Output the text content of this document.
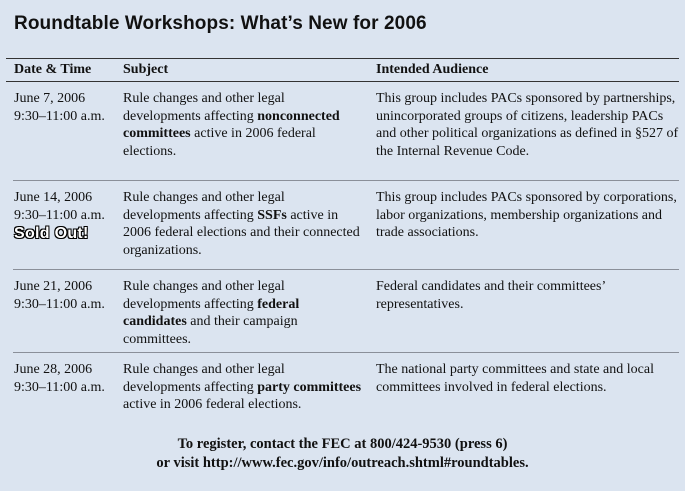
Roundtable Workshops: What’s New for 2006
Date & Time	Subject	Intended Audience
June 7, 2006
9:30–11:00 a.m.
Rule changes and other legal developments affecting nonconnected committees active in 2006 federal elections.
This group includes PACs sponsored by partnerships, unincorporated groups of citizens, leadership PACs and other political organizations as defined in §527 of the Internal Revenue Code.
June 14, 2006
9:30–11:00 a.m.
Sold Out!
Rule changes and other legal developments affecting SSFs active in 2006 federal elections and their connected organizations.
This group includes PACs sponsored by corporations, labor organizations, membership organizations and trade associations.
June 21, 2006
9:30–11:00 a.m.
Rule changes and other legal developments affecting federal candidates and their campaign committees.
Federal candidates and their committees’ representatives.
June 28, 2006
9:30–11:00 a.m.
Rule changes and other legal developments affecting party committees active in 2006 federal elections.
The national party committees and state and local committees involved in federal elections.
To register, contact the FEC at 800/424-9530 (press 6)
or visit http://www.fec.gov/info/outreach.shtml#roundtables.
